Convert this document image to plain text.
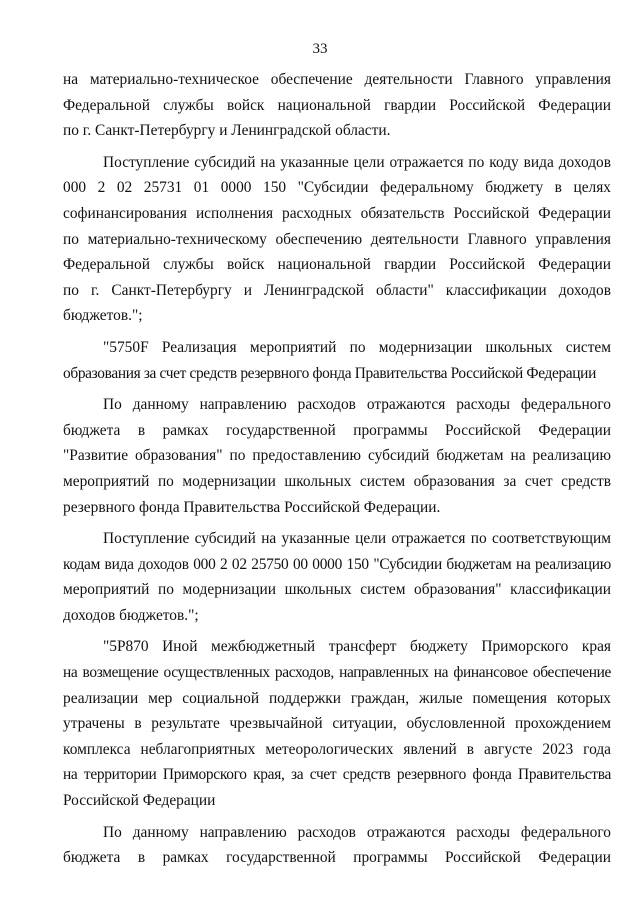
33

на материально-техническое обеспечение деятельности Главного управления
Федеральной службы войск национальной гвардии Российской Федерации
по г. Санкт-Петербургу и Ленинградской области.

Поступление субсидий на указанные цели отражается по коду вида доходов
000 2 02 25731 01 0000 150 "Субсидии федеральному бюджету в целях
софинансирования исполнения расходных обязательств Российской Федерации
по материально-техническому обеспечению деятельности Главного управления
Федеральной службы войск национальной гвардии Российской Федерации
по г. Санкт-Петербургу и Ленинградской области" классификации доходов
бюджетов.";

"5750F Реализация мероприятий по модернизации школьных систем
образования за счет средств резервного фонда Правительства Российской Федерации

По данному направлению расходов отражаются расходы федерального
бюджета в рамках государственной программы Российской Федерации
"Развитие образования" по предоставлению субсидий бюджетам на реализацию
мероприятий по модернизации школьных систем образования за счет средств
резервного фонда Правительства Российской Федерации.

Поступление субсидий на указанные цели отражается по соответствующим
кодам вида доходов 000 2 02 25750 00 0000 150 "Субсидии бюджетам на реализацию
мероприятий по модернизации школьных систем образования" классификации
доходов бюджетов.";

"5Р870 Иной межбюджетный трансферт бюджету Приморского края
на возмещение осуществленных расходов, направленных на финансовое обеспечение
реализации мер социальной поддержки граждан, жилые помещения которых
утрачены в результате чрезвычайной ситуации, обусловленной прохождением
комплекса неблагоприятных метеорологических явлений в августе 2023 года
на территории Приморского края, за счет средств резервного фонда Правительства
Российской Федерации

По данному направлению расходов отражаются расходы федерального
бюджета в рамках государственной программы Российской Федерации
